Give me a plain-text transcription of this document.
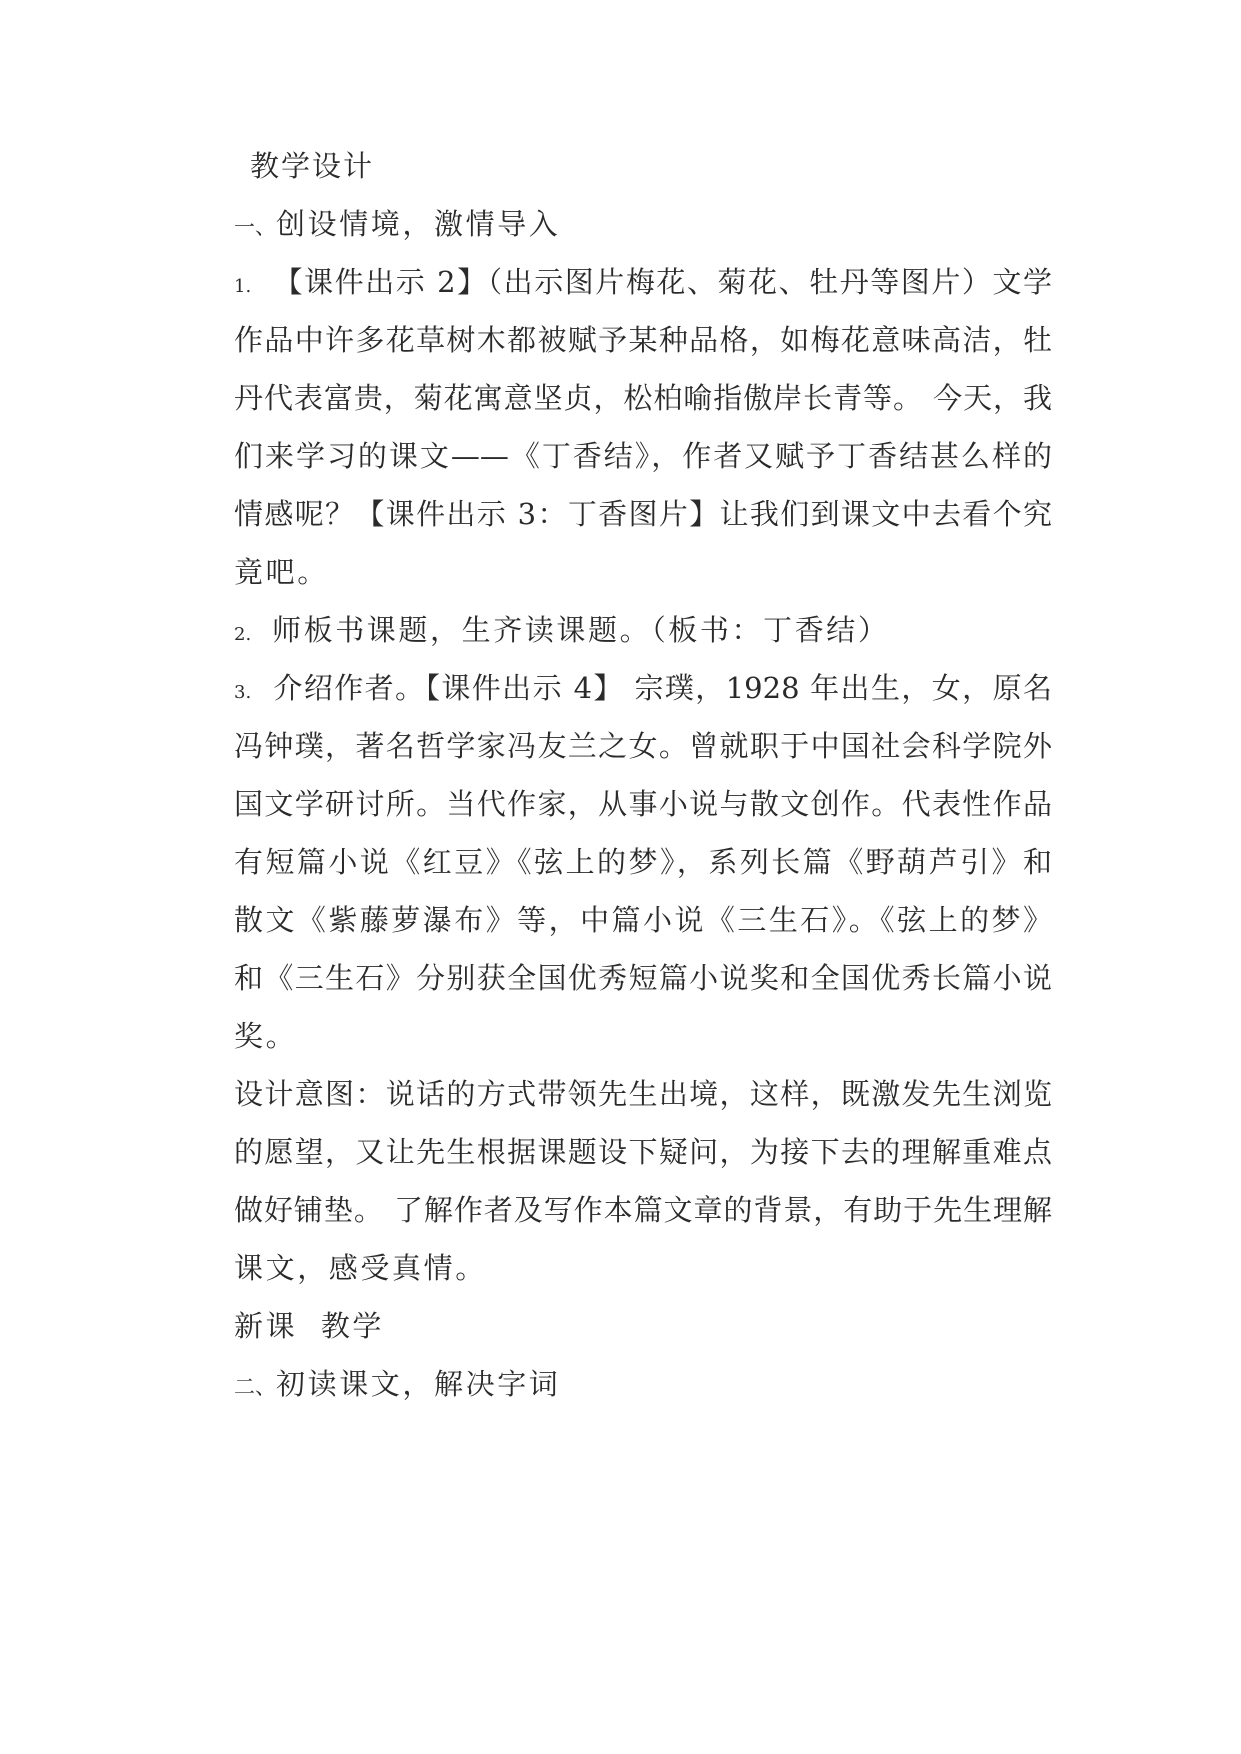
教学设计
一、创设情境，激情导入
1. 【课件出示 2】（出示图片梅花、菊花、牡丹等图片）文学
作品中许多花草树木都被赋予某种品格，如梅花意味高洁，牡
丹代表富贵，菊花寓意坚贞，松柏喻指傲岸长青等。 今天，我
们来学习的课文——《丁香结》，作者又赋予丁香结甚么样的
情感呢？【课件出示 3：丁香图片】让我们到课文中去看个究
竟吧。
2. 师板书课题，生齐读课题。（板书：丁香结）
3. 介绍作者。【课件出示 4】 宗璞，1928 年出生，女，原名
冯钟璞，著名哲学家冯友兰之女。曾就职于中国社会科学院外
国文学研讨所。当代作家，从事小说与散文创作。代表性作品
有短篇小说《红豆》《弦上的梦》，系列长篇《野葫芦引》和
散文《紫藤萝瀑布》等，中篇小说《三生石》。《弦上的梦》
和《三生石》分别获全国优秀短篇小说奖和全国优秀长篇小说
奖。
设计意图：说话的方式带领先生出境，这样，既激发先生浏览
的愿望，又让先生根据课题设下疑问，为接下去的理解重难点
做好铺垫。 了解作者及写作本篇文章的背景，有助于先生理解
课文，感受真情。
新课  教学
二、初读课文，解决字词
